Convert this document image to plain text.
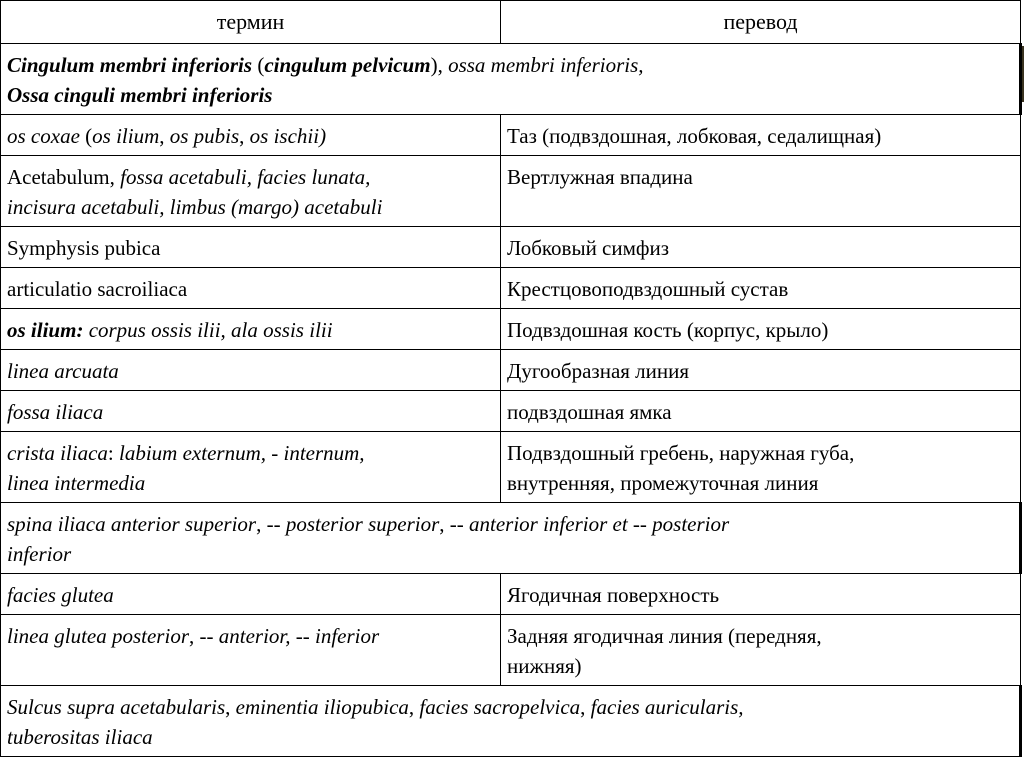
термин	перевод
Cingulum membri inferioris (cingulum pelvicum), ossa membri inferioris,
Ossa cinguli membri inferioris	
os coxae (os ilium, os pubis, os ischii)	Таз (подвздошная, лобковая, седалищная)
Acetabulum, fossa acetabuli, facies lunata,
incisura acetabuli, limbus (margo) acetabuli	Вертлужная впадина
Symphysis pubica	Лобковый симфиз
articulatio sacroiliaca	Крестцовоподвздошный сустав
os ilium: corpus ossis ilii, ala ossis ilii	Подвздошная кость (корпус, крыло)
linea arcuata	Дугообразная линия
fossa iliaca	подвздошная ямка
crista iliaca: labium externum, - internum,
linea intermedia	Подвздошный гребень, наружная губа,
внутренняя, промежуточная линия
spina iliaca anterior superior, -- posterior superior, -- anterior inferior et -- posterior
inferior	
facies glutea	Ягодичная поверхность
linea glutea posterior, -- anterior, -- inferior	Задняя ягодичная линия (передняя,
нижняя)
Sulcus supra acetabularis, eminentia iliopubica, facies sacropelvica, facies auricularis,
tuberositas iliaca	
